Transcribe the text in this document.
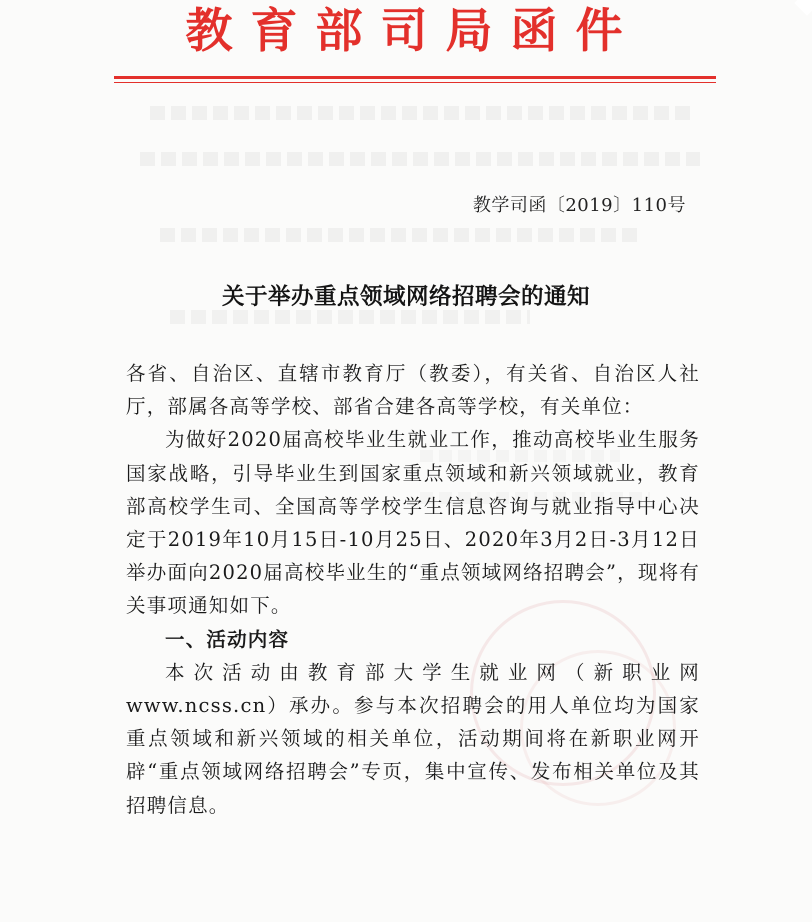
教育部司局函件
教学司函〔2019〕110号
关于举办重点领域网络招聘会的通知

各省、自治区、直辖市教育厅（教委），有关省、自治区人社厅，部属各高等学校、部省合建各高等学校，有关单位：

为做好2020届高校毕业生就业工作，推动高校毕业生服务国家战略，引导毕业生到国家重点领域和新兴领域就业，教育部高校学生司、全国高等学校学生信息咨询与就业指导中心决定于2019年10月15日-10月25日、2020年3月2日-3月12日举办面向2020届高校毕业生的“重点领域网络招聘会”，现将有关事项通知如下。

一、活动内容

本次活动由教育部大学生就业网（新职业网www.ncss.cn）承办。参与本次招聘会的用人单位均为国家重点领域和新兴领域的相关单位，活动期间将在新职业网开辟“重点领域网络招聘会”专页，集中宣传、发布相关单位及其招聘信息。
